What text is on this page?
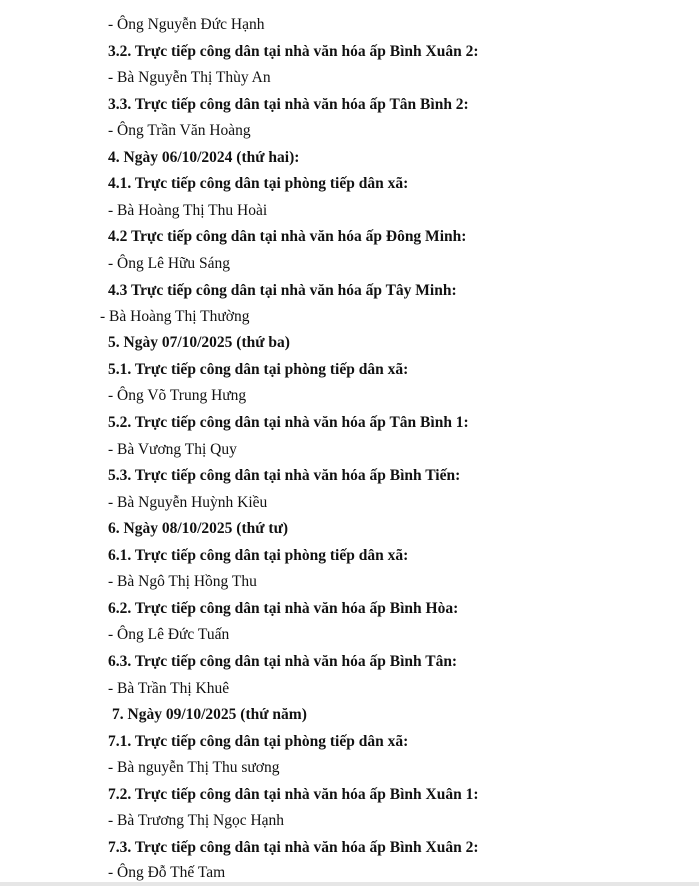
- Ông Nguyễn Đức Hạnh
3.2. Trực tiếp công dân tại nhà văn hóa ấp Bình Xuân 2:
- Bà Nguyễn Thị Thùy An
3.3. Trực tiếp công dân tại nhà văn hóa ấp Tân Bình 2:
- Ông Trần Văn Hoàng
4. Ngày 06/10/2024 (thứ hai):
4.1. Trực tiếp công dân tại phòng tiếp dân xã:
- Bà Hoàng Thị Thu Hoài
4.2 Trực tiếp công dân tại nhà văn hóa ấp Đông Minh:
- Ông Lê Hữu Sáng
4.3 Trực tiếp công dân tại nhà văn hóa ấp Tây Minh:
- Bà Hoàng Thị Thường
5. Ngày 07/10/2025 (thứ ba)
5.1. Trực tiếp công dân tại phòng tiếp dân xã:
- Ông Võ Trung Hưng
5.2. Trực tiếp công dân tại nhà văn hóa ấp Tân Bình 1:
- Bà Vương Thị Quy
5.3. Trực tiếp công dân tại nhà văn hóa ấp Bình Tiến:
- Bà Nguyễn Huỳnh Kiều
6. Ngày 08/10/2025 (thứ tư)
6.1. Trực tiếp công dân tại phòng tiếp dân xã:
- Bà Ngô Thị Hồng Thu
6.2. Trực tiếp công dân tại nhà văn hóa ấp Bình Hòa:
- Ông Lê Đức Tuấn
6.3. Trực tiếp công dân tại nhà văn hóa ấp Bình Tân:
- Bà Trần Thị Khuê
7. Ngày 09/10/2025 (thứ năm)
7.1. Trực tiếp công dân tại phòng tiếp dân xã:
- Bà nguyễn Thị Thu sương
7.2. Trực tiếp công dân tại nhà văn hóa ấp Bình Xuân 1:
- Bà Trương Thị Ngọc Hạnh
7.3. Trực tiếp công dân tại nhà văn hóa ấp Bình Xuân 2:
- Ông Đỗ Thế Tam
